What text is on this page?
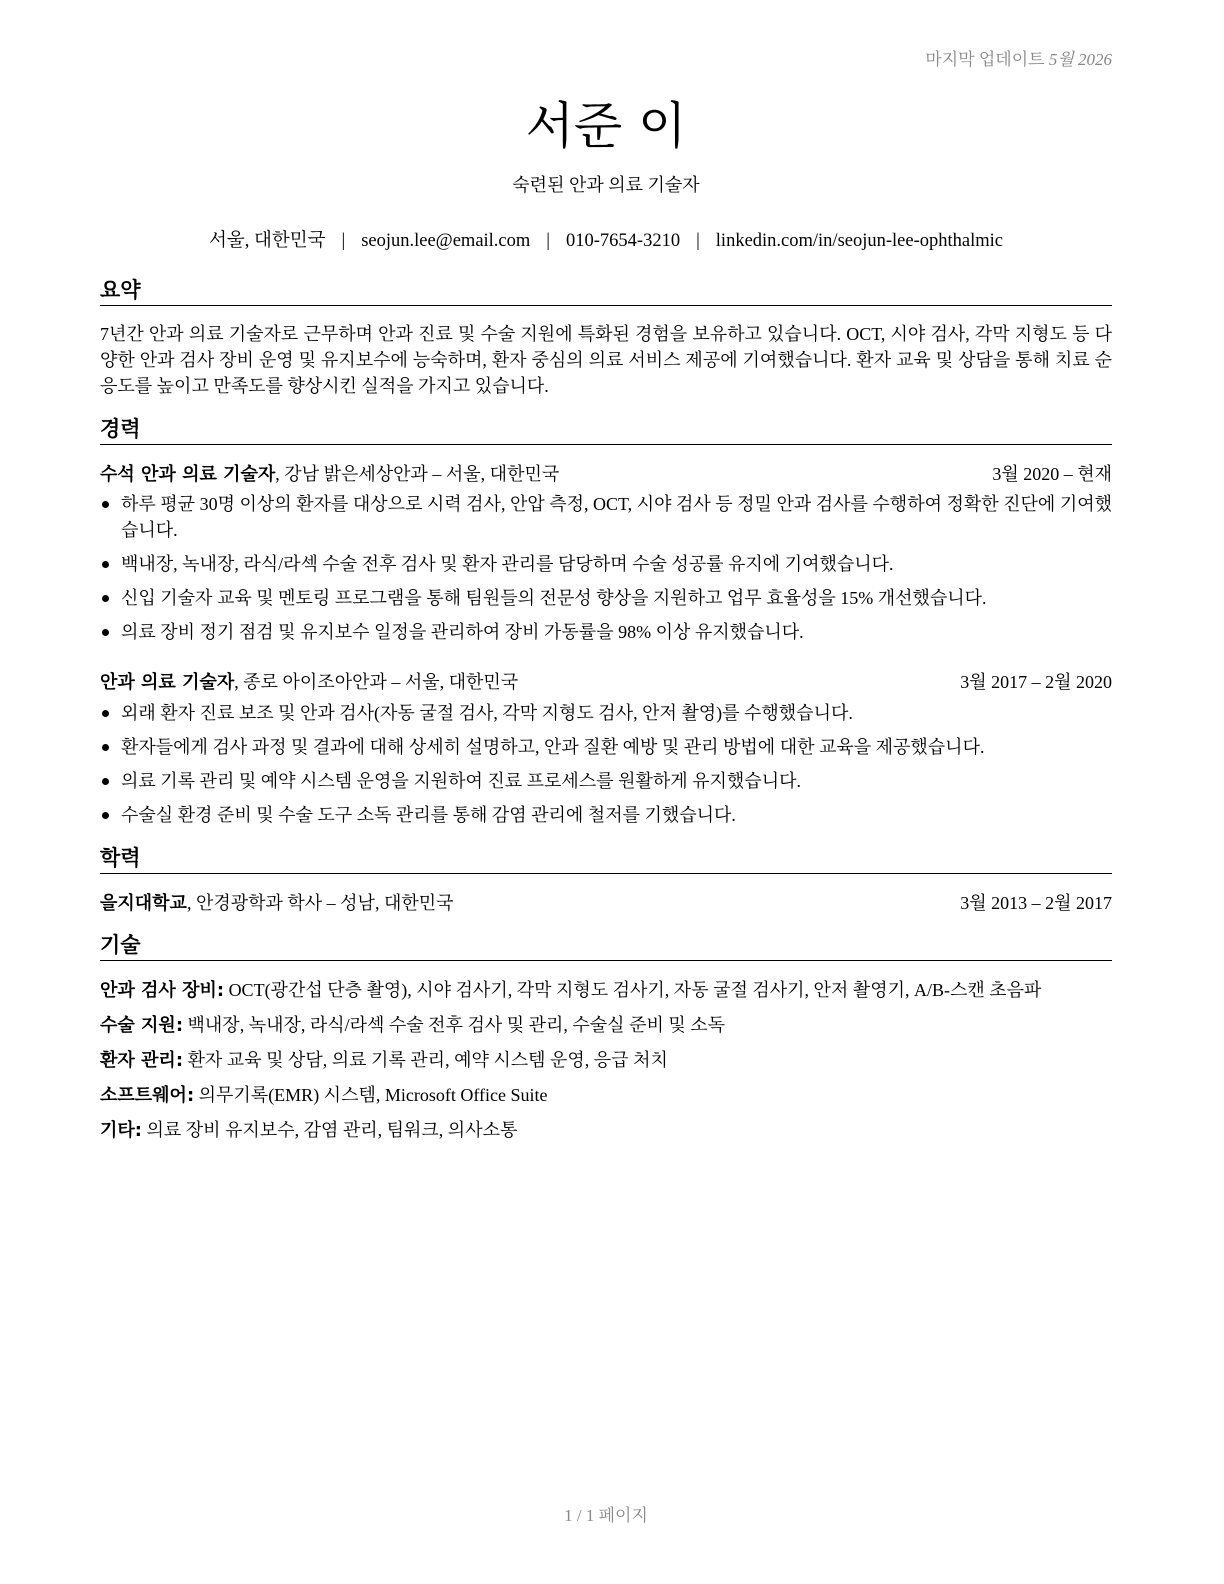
마지막 업데이트 5월 2026
서준 이
숙련된 안과 의료 기술자
서울, 대한민국 | seojun.lee@email.com | 010-7654-3210 | linkedin.com/in/seojun-lee-ophthalmic
요약
7년간 안과 의료 기술자로 근무하며 안과 진료 및 수술 지원에 특화된 경험을 보유하고 있습니다. OCT, 시야 검사, 각막 지형도 등 다양한 안과 검사 장비 운영 및 유지보수에 능숙하며, 환자 중심의 의료 서비스 제공에 기여했습니다. 환자 교육 및 상담을 통해 치료 순응도를 높이고 만족도를 향상시킨 실적을 가지고 있습니다.
경력
수석 안과 의료 기술자, 강남 밝은세상안과 – 서울, 대한민국	3월 2020 – 현재
하루 평균 30명 이상의 환자를 대상으로 시력 검사, 안압 측정, OCT, 시야 검사 등 정밀 안과 검사를 수행하여 정확한 진단에 기여했습니다.
백내장, 녹내장, 라식/라섹 수술 전후 검사 및 환자 관리를 담당하며 수술 성공률 유지에 기여했습니다.
신입 기술자 교육 및 멘토링 프로그램을 통해 팀원들의 전문성 향상을 지원하고 업무 효율성을 15% 개선했습니다.
의료 장비 정기 점검 및 유지보수 일정을 관리하여 장비 가동률을 98% 이상 유지했습니다.
안과 의료 기술자, 종로 아이조아안과 – 서울, 대한민국	3월 2017 – 2월 2020
외래 환자 진료 보조 및 안과 검사(자동 굴절 검사, 각막 지형도 검사, 안저 촬영)를 수행했습니다.
환자들에게 검사 과정 및 결과에 대해 상세히 설명하고, 안과 질환 예방 및 관리 방법에 대한 교육을 제공했습니다.
의료 기록 관리 및 예약 시스템 운영을 지원하여 진료 프로세스를 원활하게 유지했습니다.
수술실 환경 준비 및 수술 도구 소독 관리를 통해 감염 관리에 철저를 기했습니다.
학력
을지대학교, 안경광학과 학사 – 성남, 대한민국	3월 2013 – 2월 2017
기술
안과 검사 장비: OCT(광간섭 단층 촬영), 시야 검사기, 각막 지형도 검사기, 자동 굴절 검사기, 안저 촬영기, A/B-스캔 초음파
수술 지원: 백내장, 녹내장, 라식/라섹 수술 전후 검사 및 관리, 수술실 준비 및 소독
환자 관리: 환자 교육 및 상담, 의료 기록 관리, 예약 시스템 운영, 응급 처치
소프트웨어: 의무기록(EMR) 시스템, Microsoft Office Suite
기타: 의료 장비 유지보수, 감염 관리, 팀워크, 의사소통
1 / 1 페이지
